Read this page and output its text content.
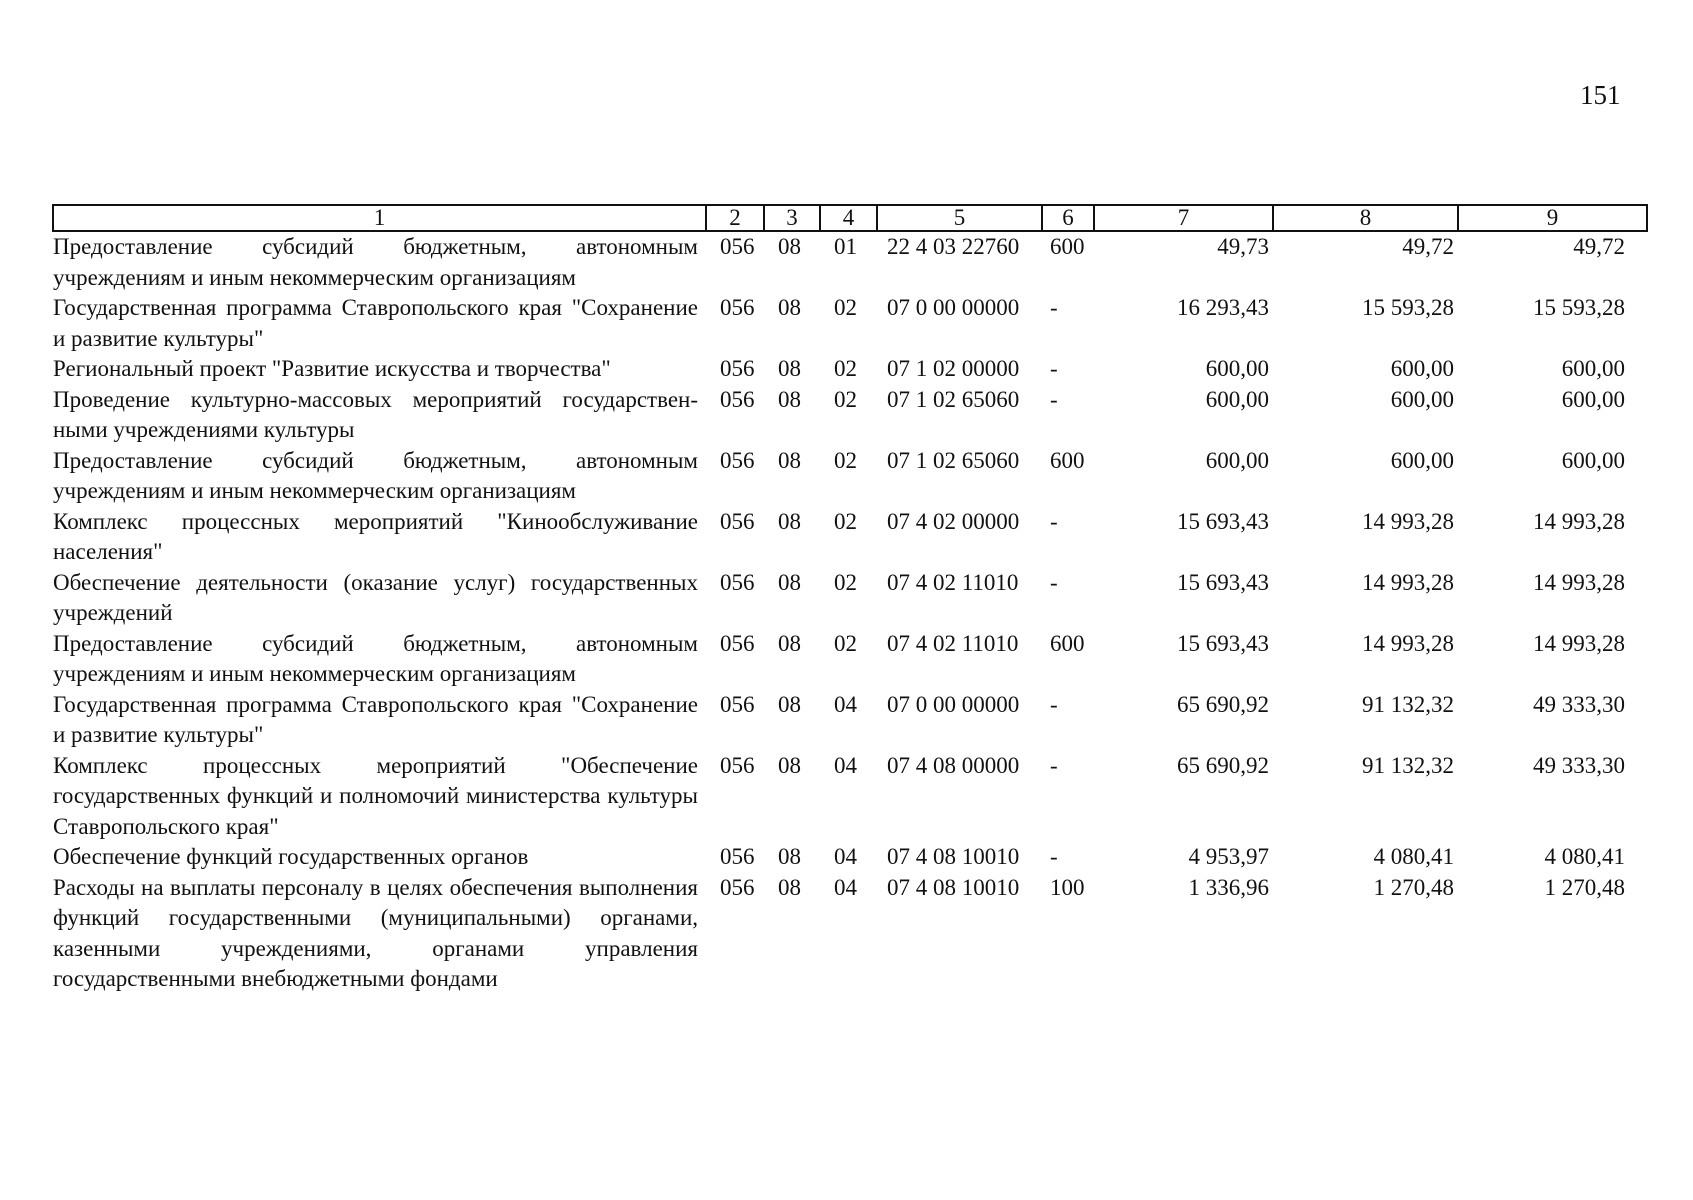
151
1	2	3	4	5	6	7	8	9
Предоставление субсидий бюджетным, автономным учреждениям и иным некоммерческим организациям	056	08	01	22 4 03 22760	600	49,73	49,72	49,72
Государственная программа Ставропольского края "Сохранение и развитие культуры"	056	08	02	07 0 00 00000	-	16 293,43	15 593,28	15 593,28
Региональный проект "Развитие искусства и творчества"	056	08	02	07 1 02 00000	-	600,00	600,00	600,00
Проведение культурно-массовых мероприятий государствен-ными учреждениями культуры	056	08	02	07 1 02 65060	-	600,00	600,00	600,00
Предоставление субсидий бюджетным, автономным учреждениям и иным некоммерческим организациям	056	08	02	07 1 02 65060	600	600,00	600,00	600,00
Комплекс процессных мероприятий "Кинообслуживание населения"	056	08	02	07 4 02 00000	-	15 693,43	14 993,28	14 993,28
Обеспечение деятельности (оказание услуг) государственных учреждений	056	08	02	07 4 02 11010	-	15 693,43	14 993,28	14 993,28
Предоставление субсидий бюджетным, автономным учреждениям и иным некоммерческим организациям	056	08	02	07 4 02 11010	600	15 693,43	14 993,28	14 993,28
Государственная программа Ставропольского края "Сохранение и развитие культуры"	056	08	04	07 0 00 00000	-	65 690,92	91 132,32	49 333,30
Комплекс процессных мероприятий "Обеспечение государственных функций и полномочий министерства культуры Ставропольского края"	056	08	04	07 4 08 00000	-	65 690,92	91 132,32	49 333,30
Обеспечение функций государственных органов	056	08	04	07 4 08 10010	-	4 953,97	4 080,41	4 080,41
Расходы на выплаты персоналу в целях обеспечения выполнения функций государственными (муниципальными) органами, казенными учреждениями, органами управления государственными внебюджетными фондами	056	08	04	07 4 08 10010	100	1 336,96	1 270,48	1 270,48
